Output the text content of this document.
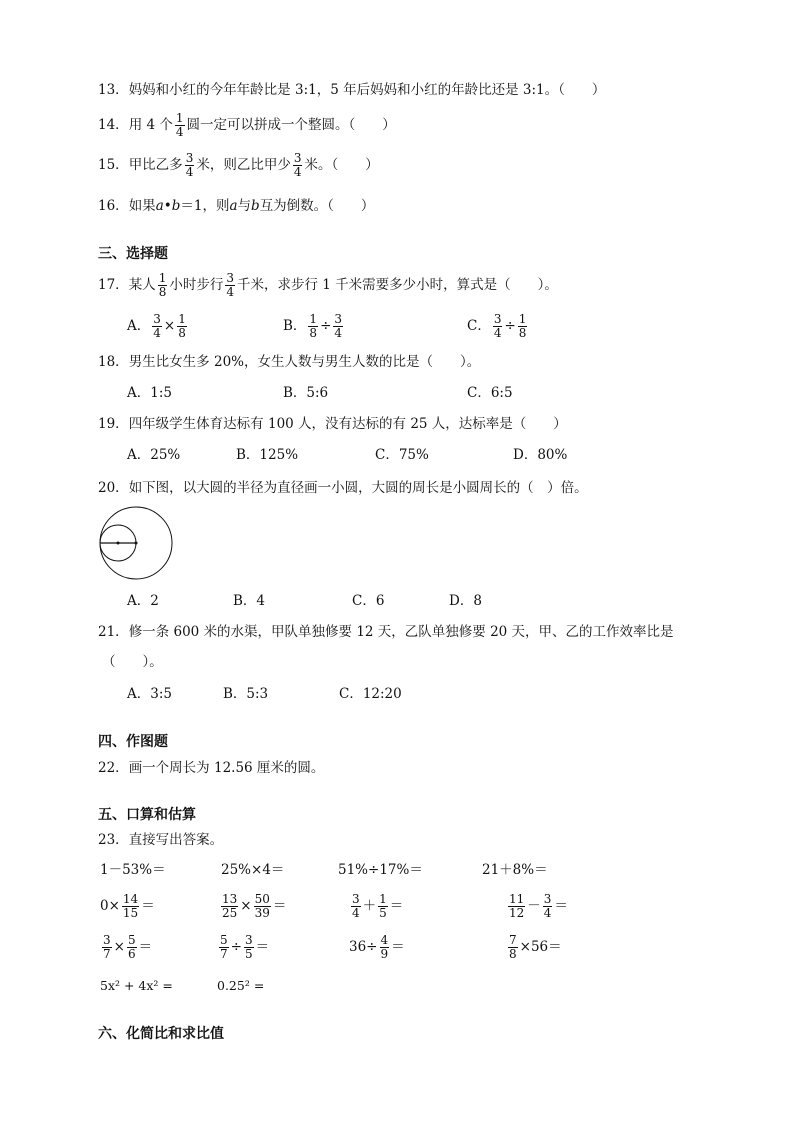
13．妈妈和小红的今年年龄比是 3:1，5 年后妈妈和小红的年龄比还是 3:1。（　　）
14．用 4 个 $\frac{1}{4}$ 圆一定可以拼成一个整圆。（　　）
15．甲比乙多 $\frac{3}{4}$ 米，则乙比甲少 $\frac{3}{4}$ 米。（　　）
16．如果a•b＝1，则a与b互为倒数。（　　）
三、选择题
17．某人 $\frac{1}{8}$ 小时步行 $\frac{3}{4}$ 千米，求步行 1 千米需要多少小时，算式是（　　）。
A． $\frac{3}{4} \times \frac{1}{8}$	B． $\frac{1}{8} \div \frac{3}{4}$	C． $\frac{3}{4} \div \frac{1}{8}$
18．男生比女生多 20%，女生人数与男生人数的比是（　　）。
A．1:5	B．5:6	C．6:5
19．四年级学生体育达标有 100 人，没有达标的有 25 人，达标率是（　　）
A．25%	B．125%	C．75%	D．80%
20．如下图，以大圆的半径为直径画一小圆，大圆的周长是小圆周长的（　）倍。
A．2	B．4	C．6	D．8
21．修一条 600 米的水渠，甲队单独修要 12 天，乙队单独修要 20 天，甲、乙的工作效率比是
（　　）。
A．3:5	B．5:3	C．12:20
四、作图题
22．画一个周长为 12.56 厘米的圆。
五、口算和估算
23．直接写出答案。
1－53%＝	25%×4＝	51%÷17%＝	21＋8%＝
$0\times \frac{14}{15}$ ＝	$\frac{13}{25} \times \frac{50}{39}$ ＝	$\frac{3}{4} + \frac{1}{5}$ ＝	$\frac{11}{12} - \frac{3}{4}$ ＝
$\frac{3}{7} \times \frac{5}{6}$ ＝	$\frac{5}{7} \div \frac{3}{5}$ ＝	$36\div \frac{4}{9}$ ＝	$\frac{7}{8} \times 56=$
5x² + 4x² =	0.25² =
六、化简比和求比值
